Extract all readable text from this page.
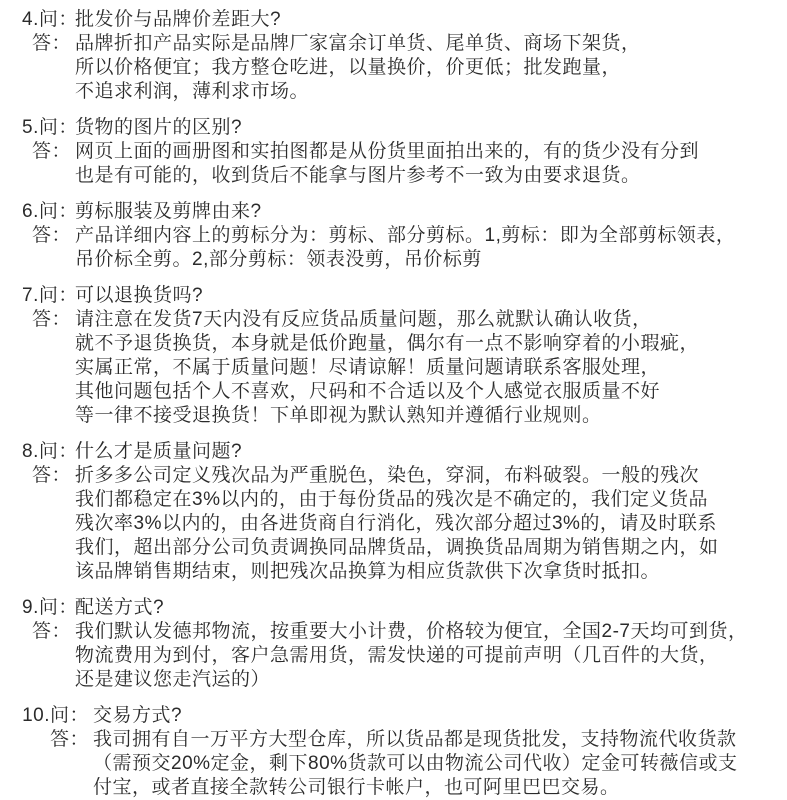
4.问：
批发价与品牌价差距大?
答： 品牌折扣产品实际是品牌厂家富余订单货、尾单货、商场下架货，
所以价格便宜；我方整仓吃进，以量换价，价更低；批发跑量，
不追求利润，薄利求市场。
5.问：
货物的图片的区别?
答： 网页上面的画册图和实拍图都是从份货里面拍出来的，有的货少没有分到
也是有可能的，收到货后不能拿与图片参考不一致为由要求退货。
6.问：
剪标服装及剪牌由来?
答： 产品详细内容上的剪标分为：剪标、部分剪标。1,剪标：即为全部剪标领表，
吊价标全剪。2,部分剪标：领表没剪，吊价标剪
7.问：
可以退换货吗?
答： 请注意在发货7天内没有反应货品质量问题，那么就默认确认收货，
就不予退货换货，本身就是低价跑量，偶尔有一点不影响穿着的小瑕疵，
实属正常，不属于质量问题！尽请谅解！质量问题请联系客服处理，
其他问题包括个人不喜欢，尺码和不合适以及个人感觉衣服质量不好
等一律不接受退换货！下单即视为默认熟知并遵循行业规则。
8.问：
什么才是质量问题?
答： 折多多公司定义残次品为严重脱色，染色，穿洞，布料破裂。一般的残次
我们都稳定在3%以内的，由于每份货品的残次是不确定的，我们定义货品
残次率3%以内的，由各进货商自行消化，残次部分超过3%的，请及时联系
我们，超出部分公司负责调换同品牌货品，调换货品周期为销售期之内，如
该品牌销售期结束，则把残次品换算为相应货款供下次拿货时抵扣。
9.问：
配送方式?
答： 我们默认发德邦物流，按重要大小计费，价格较为便宜，全国2-7天均可到货，
物流费用为到付，客户急需用货，需发快递的可提前声明（几百件的大货，
还是建议您走汽运的）
10.问： 交易方式?
答： 我司拥有自一万平方大型仓库，所以货品都是现货批发，支持物流代收货款
（需预交20%定金，剩下80%货款可以由物流公司代收）定金可转薇信或支
付宝，或者直接全款转公司银行卡帐户，也可阿里巴巴交易。
